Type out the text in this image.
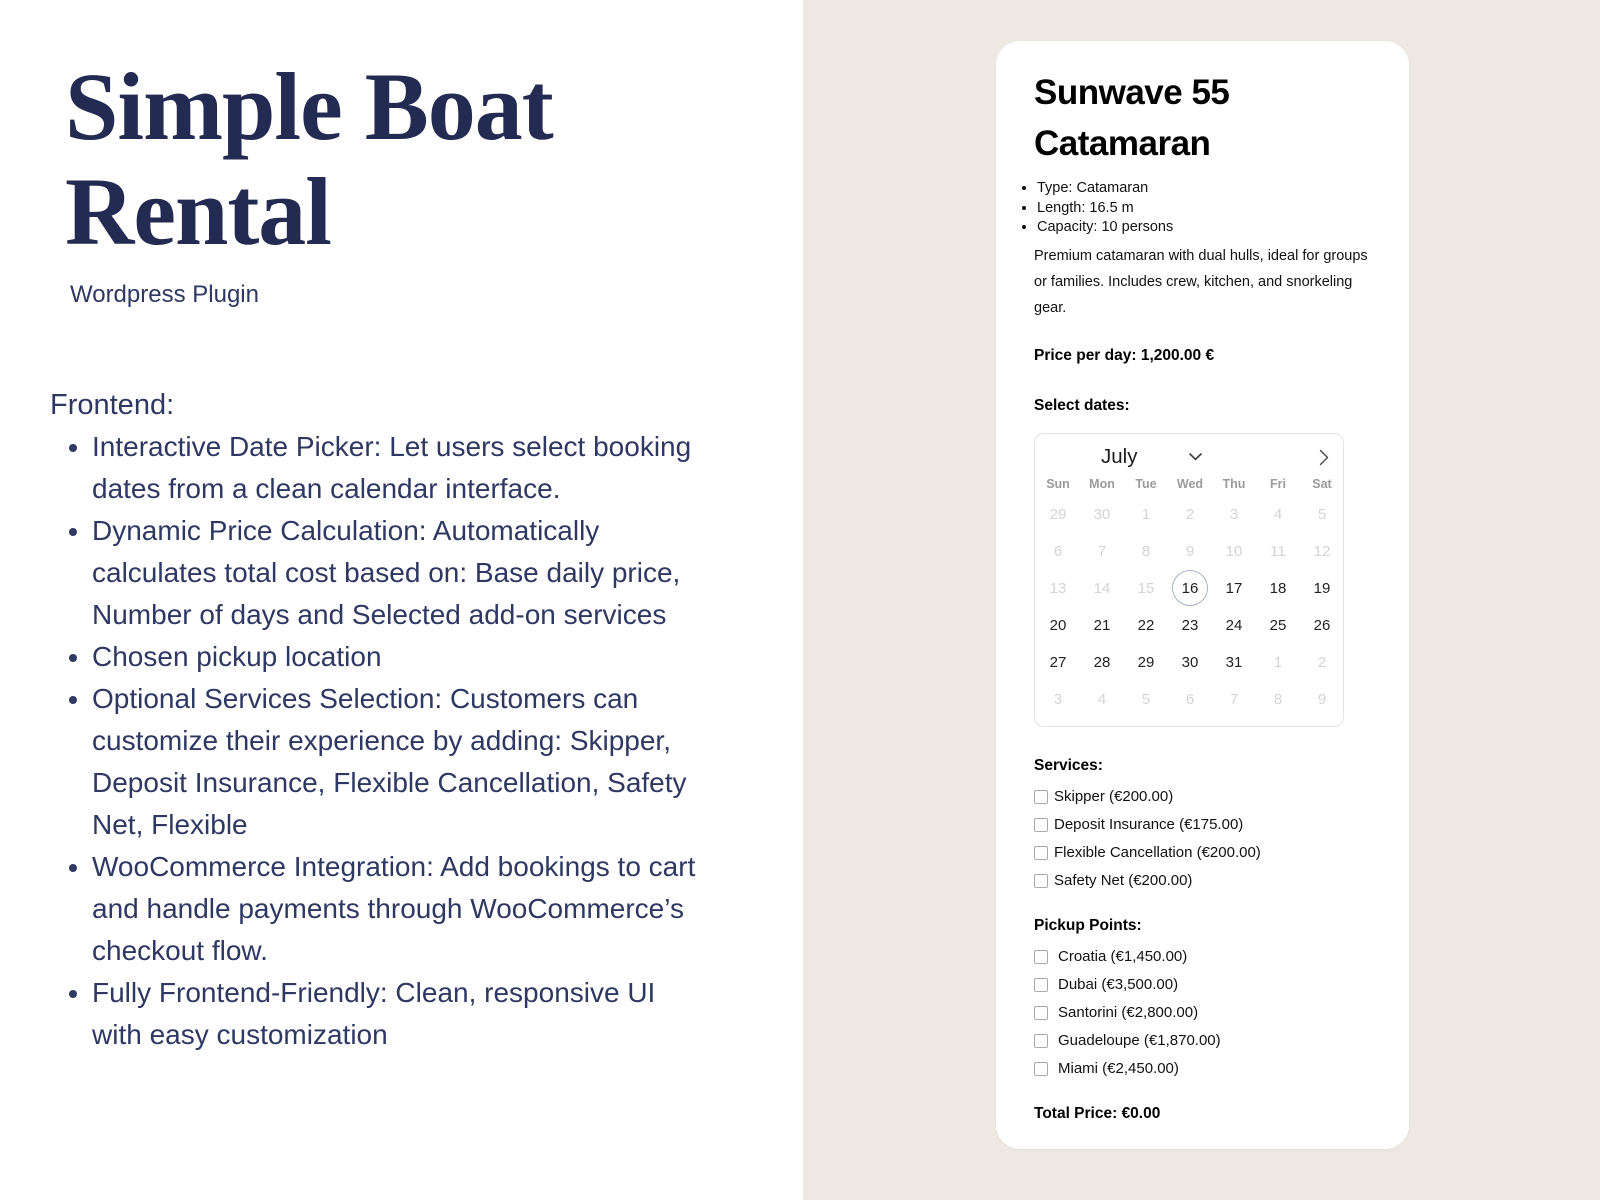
Simple Boat Rental

Wordpress Plugin

Frontend:

• Interactive Date Picker: Let users select booking dates from a clean calendar interface.
• Dynamic Price Calculation: Automatically calculates total cost based on: Base daily price, Number of days and Selected add-on services
• Chosen pickup location
• Optional Services Selection: Customers can customize their experience by adding: Skipper, Deposit Insurance, Flexible Cancellation, Safety Net, Flexible
• WooCommerce Integration: Add bookings to cart and handle payments through WooCommerce’s checkout flow.
• Fully Frontend-Friendly: Clean, responsive UI with easy customization
Sunwave 55 Catamaran
• Type: Catamaran
• Length: 16.5 m
• Capacity: 10 persons

Premium catamaran with dual hulls, ideal for groups or families. Includes crew, kitchen, and snorkeling gear.

Price per day: 1,200.00 €

Select dates:

July
Sun	Mon	Tue	Wed	Thu	Fri	Sat
29	30	1	2	3	4	5
6	7	8	9	10	11	12
13	14	15	16	17	18	19
20	21	22	23	24	25	26
27	28	29	30	31	1	2
3	4	5	6	7	8	9

Services:

Skipper (€200.00)
Deposit Insurance (€175.00)
Flexible Cancellation (€200.00)
Safety Net (€200.00)

Pickup Points:

Croatia (€1,450.00)
Dubai (€3,500.00)
Santorini (€2,800.00)
Guadeloupe (€1,870.00)
Miami (€2,450.00)

Total Price: €0.00
